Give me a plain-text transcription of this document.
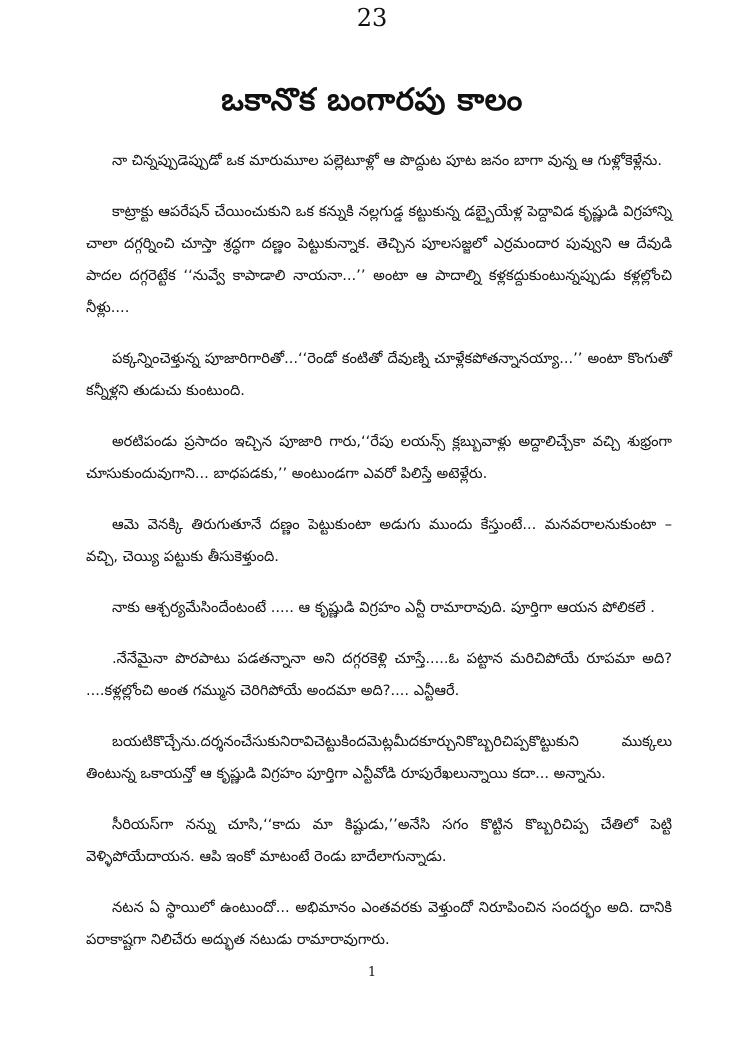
23
ఒకానొక బంగారపు కాలం

నా చిన్నప్పుడెప్పుడో ఒక మారుమూల పల్లెటూళ్లో ఆ పొద్దుట పూట జనం బాగా వున్న ఆ గుళ్లోకెళ్లేను.

కాట్రాక్టు ఆపరేషన్ చేయించుకుని ఒక కన్నుకి నల్లగుడ్డ కట్టుకున్న డబ్బైయేళ్ల పెద్దావిడ కృష్ణుడి విగ్రహాన్ని చాలా దగ్గర్నించి చూస్తా శ్రద్ధగా దణ్ణం పెట్టుకున్నాక. తెచ్చిన పూలసజ్జలో ఎర్రమందార పువ్వుని ఆ దేవుడి పాదల దగ్గరెట్టేక ‘‘నువ్వే కాపాడాలి నాయనా...’’ అంటా ఆ పాదాల్ని కళ్లకద్దుకుంటున్నప్పుడు కళ్లల్లోంచి నీళ్లు....

పక్కన్నించెళ్తున్న పూజారిగారితో...‘‘రెండో కంటితో దేవుణ్ని చూళ్లేకపోతన్నానయ్యా...’’ అంటా కొంగుతో కన్నీళ్లని తుడుచు కుంటుంది.

అరటిపండు ప్రసాదం ఇచ్చిన పూజారి గారు,‘‘రేపు లయన్స్ క్లబ్బువాళ్లు అద్దాలిచ్చేకా వచ్చి శుభ్రంగా చూసుకుందువుగాని... బాధపడకు,’’ అంటుండగా ఎవరో పిలిస్తే అటెళ్లేరు.

ఆమె వెనక్కి తిరుగుతూనే దణ్ణం పెట్టుకుంటా అడుగు ముందు కేస్తుంటే... మనవరాలనుకుంటా – వచ్చి, చెయ్యి పట్టుకు తీసుకెళ్తుంది.

నాకు ఆశ్చర్యమేసిందేంటంటే ..... ఆ కృష్ణుడి విగ్రహం ఎన్టీ రామారావుది. పూర్తిగా ఆయన పోలికలే .

.నేనేమైనా పొరపాటు పడతన్నానా అని దగ్గరకెళ్లి చూస్తే.....ఓ పట్టాన మరిచిపోయే రూపమా అది? ....కళ్లల్లోంచి అంత గమ్మున చెరిగిపోయే అందమా అది?.... ఎన్టీఆరే.

బయటికొచ్చేను.దర్శనంచేసుకునిరావిచెట్టుకిందమెట్లమీదకూర్చునికొబ్బరిచిప్పకొట్టుకుని ముక్కలు తింటున్న ఒకాయన్తో ఆ కృష్ణుడి విగ్రహం పూర్తిగా ఎన్టీవోడి రూపురేఖలున్నాయి కదా... అన్నాను.

సీరియస్‌గా నన్ను చూసి,‘‘కాదు మా కిష్టుడు,’’అనేసి సగం కొట్టిన కొబ్బరిచిప్ప చేతిలో పెట్టి వెళ్ళిపోయేదాయన. ఆపి ఇంకో మాటంటే రెండు బాదేలాగున్నాడు.

నటన ఏ స్థాయిలో ఉంటుందో... అభిమానం ఎంతవరకు వెళ్తుందో నిరూపించిన సందర్భం అది. దానికి పరాకాష్టగా నిలిచేరు అద్భుత నటుడు రామారావుగారు.

1
